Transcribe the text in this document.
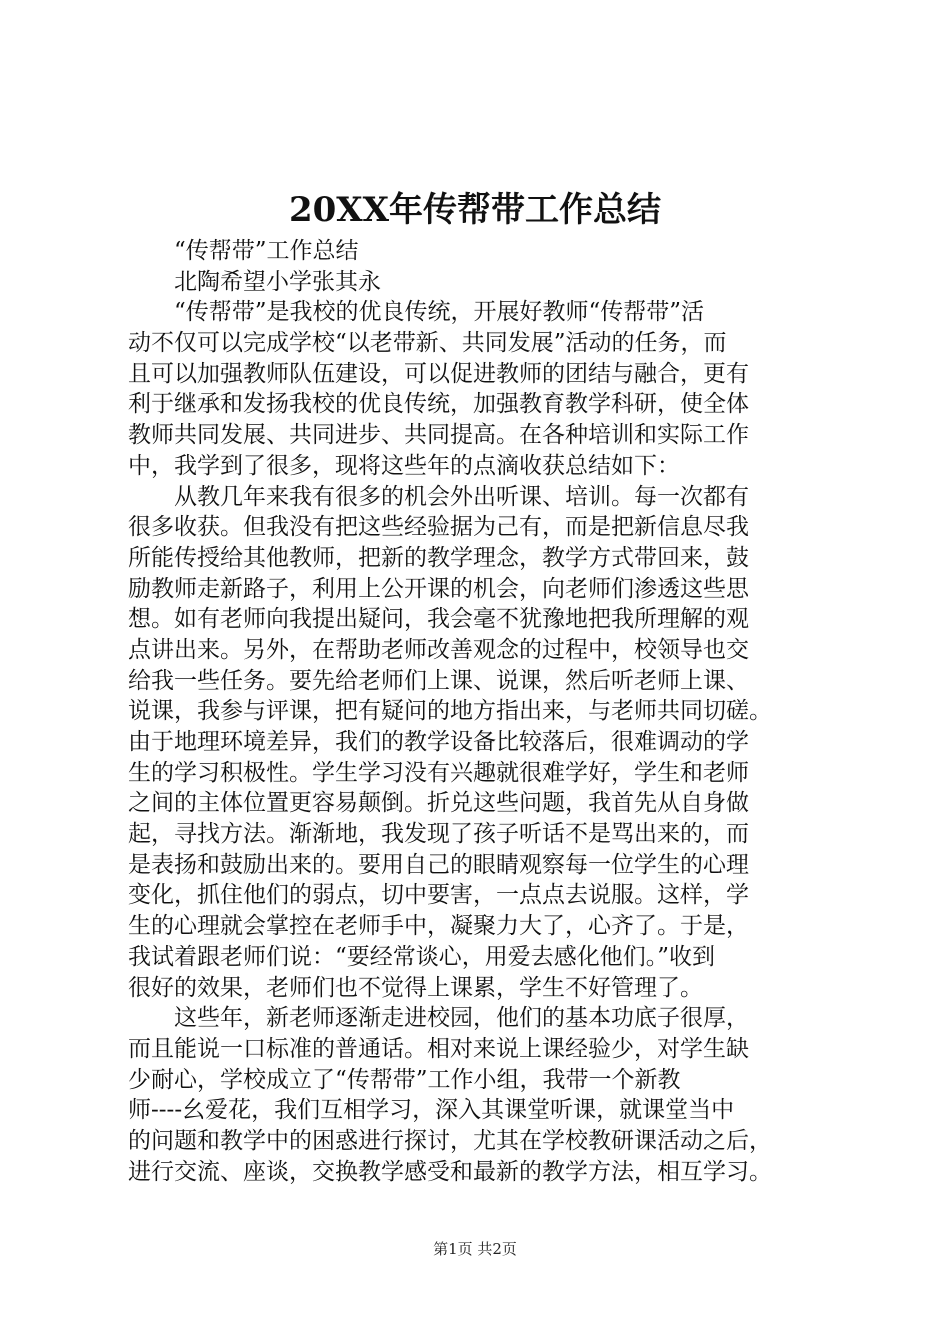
20XX年传帮带工作总结
“传帮带”工作总结
北陶希望小学张其永
“传帮带”是我校的优良传统，开展好教师“传帮带”活
动不仅可以完成学校“以老带新、共同发展”活动的任务，而
且可以加强教师队伍建设，可以促进教师的团结与融合，更有
利于继承和发扬我校的优良传统，加强教育教学科研，使全体
教师共同发展、共同进步、共同提高。在各种培训和实际工作
中，我学到了很多，现将这些年的点滴收获总结如下：
从教几年来我有很多的机会外出听课、培训。每一次都有
很多收获。但我没有把这些经验据为己有，而是把新信息尽我
所能传授给其他教师，把新的教学理念，教学方式带回来，鼓
励教师走新路子，利用上公开课的机会，向老师们渗透这些思
想。如有老师向我提出疑问，我会毫不犹豫地把我所理解的观
点讲出来。另外，在帮助老师改善观念的过程中，校领导也交
给我一些任务。要先给老师们上课、说课，然后听老师上课、
说课，我参与评课，把有疑问的地方指出来，与老师共同切磋。
由于地理环境差异，我们的教学设备比较落后，很难调动的学
生的学习积极性。学生学习没有兴趣就很难学好，学生和老师
之间的主体位置更容易颠倒。折兑这些问题，我首先从自身做
起，寻找方法。渐渐地，我发现了孩子听话不是骂出来的，而
是表扬和鼓励出来的。要用自己的眼睛观察每一位学生的心理
变化，抓住他们的弱点，切中要害，一点点去说服。这样，学
生的心理就会掌控在老师手中，凝聚力大了，心齐了。于是，
我试着跟老师们说：“要经常谈心，用爱去感化他们。”收到
很好的效果，老师们也不觉得上课累，学生不好管理了。
这些年，新老师逐渐走进校园，他们的基本功底子很厚，
而且能说一口标准的普通话。相对来说上课经验少，对学生缺
少耐心，学校成立了“传帮带”工作小组，我带一个新教
师----幺爱花，我们互相学习，深入其课堂听课，就课堂当中
的问题和教学中的困惑进行探讨，尤其在学校教研课活动之后，
进行交流、座谈，交换教学感受和最新的教学方法，相互学习。
第1页 共2页
